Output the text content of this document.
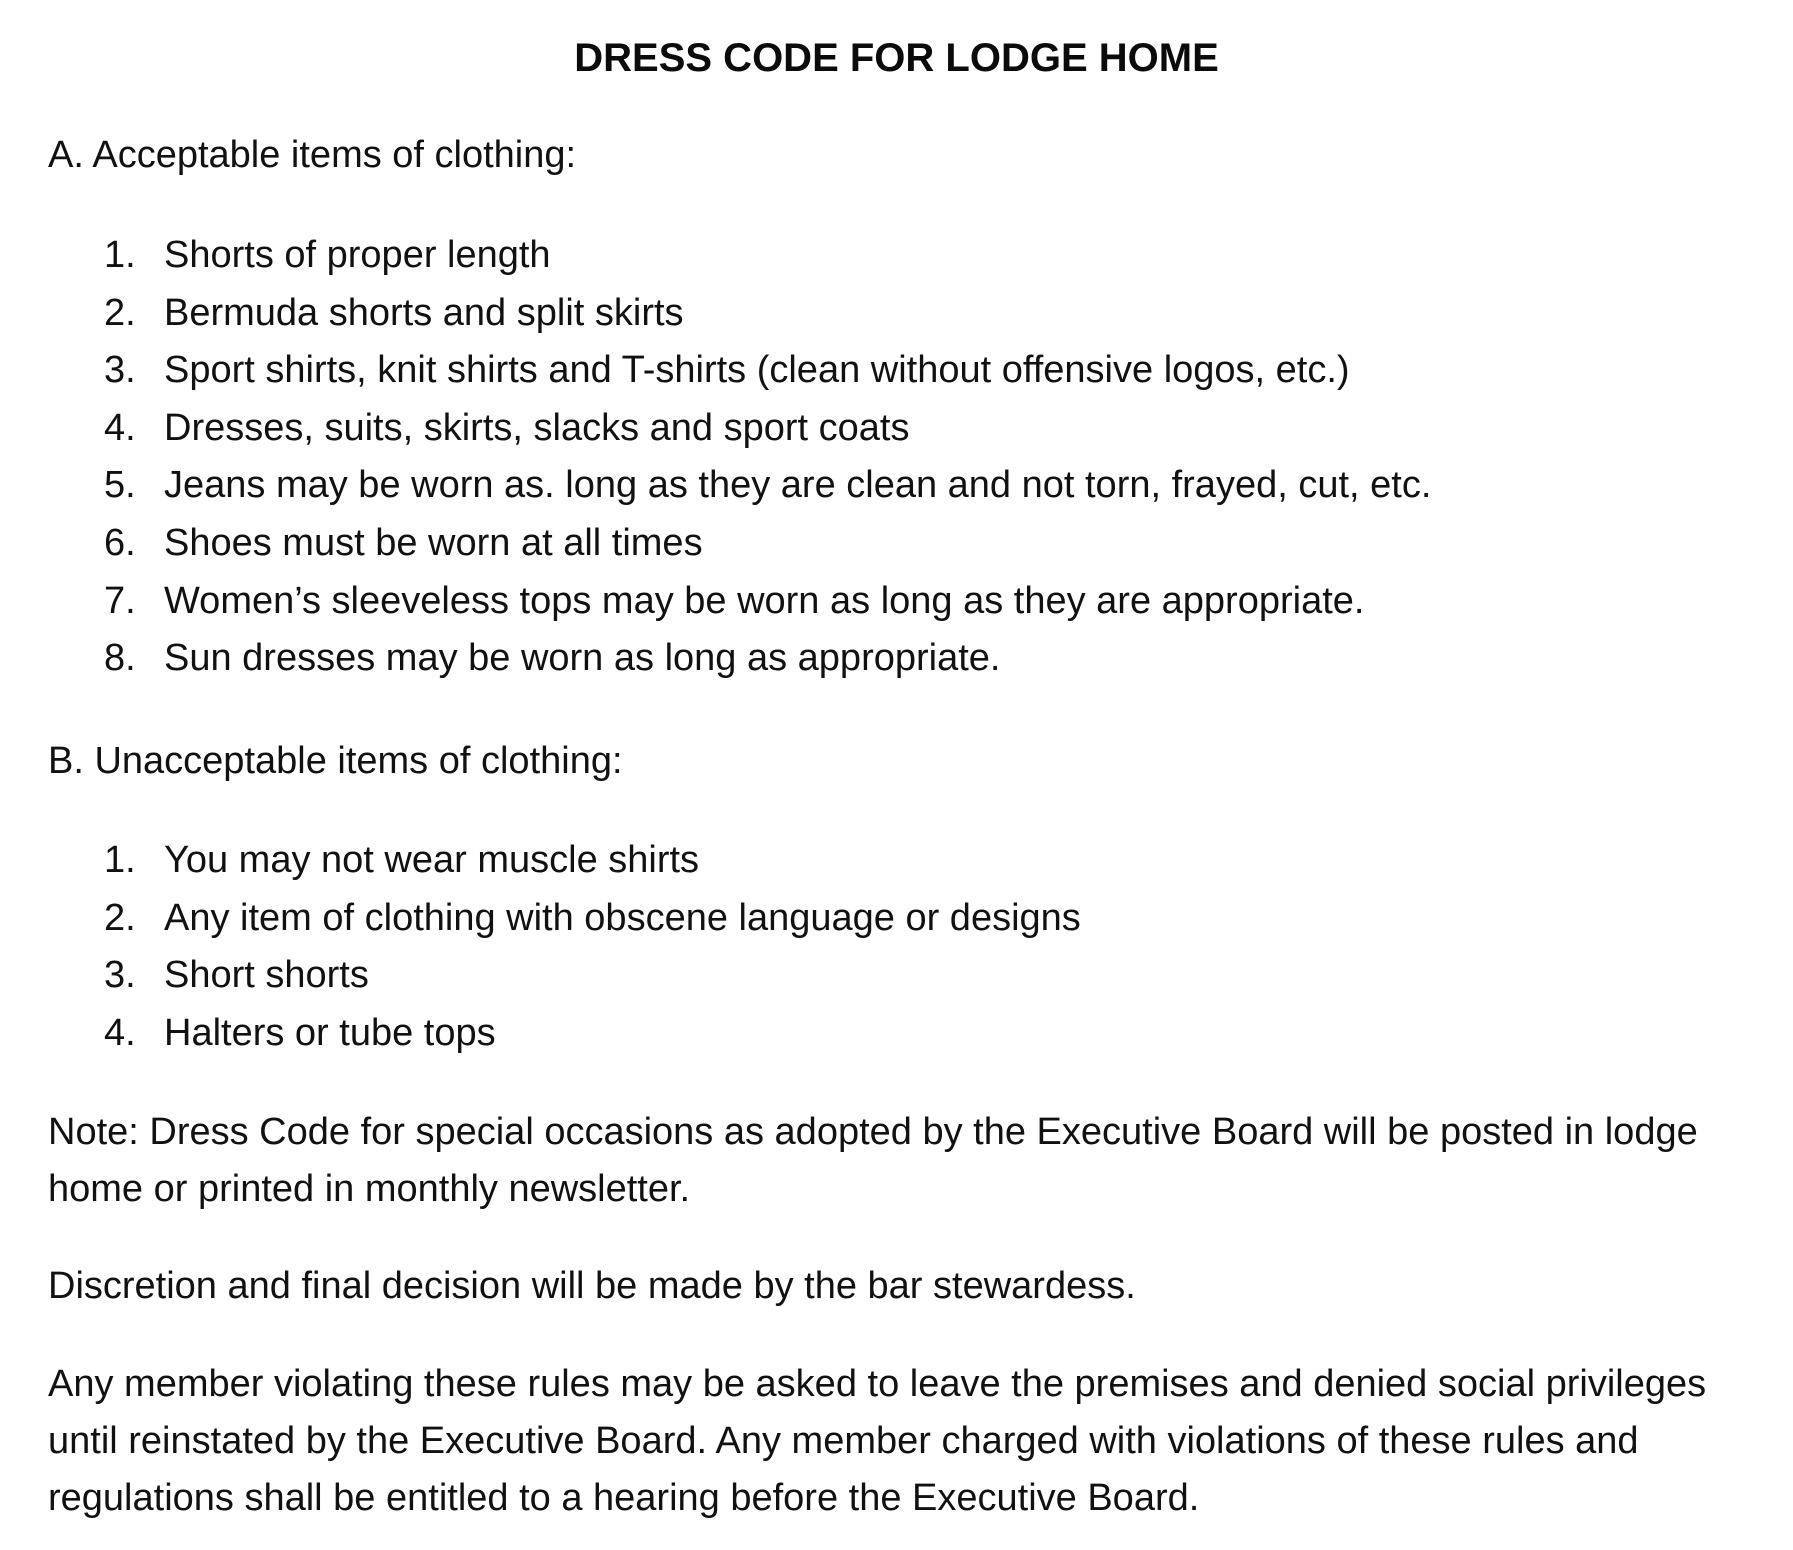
DRESS CODE FOR LODGE HOME

A. Acceptable items of clothing:

1. Shorts of proper length
2. Bermuda shorts and split skirts
3. Sport shirts, knit shirts and T-shirts (clean without offensive logos, etc.)
4. Dresses, suits, skirts, slacks and sport coats
5. Jeans may be worn as. long as they are clean and not torn, frayed, cut, etc.
6. Shoes must be worn at all times
7. Women’s sleeveless tops may be worn as long as they are appropriate.
8. Sun dresses may be worn as long as appropriate.

B. Unacceptable items of clothing:

1. You may not wear muscle shirts
2. Any item of clothing with obscene language or designs
3. Short shorts
4. Halters or tube tops

Note: Dress Code for special occasions as adopted by the Executive Board will be posted in lodge home or printed in monthly newsletter.

Discretion and final decision will be made by the bar stewardess.

Any member violating these rules may be asked to leave the premises and denied social privileges until reinstated by the Executive Board. Any member charged with violations of these rules and regulations shall be entitled to a hearing before the Executive Board.
